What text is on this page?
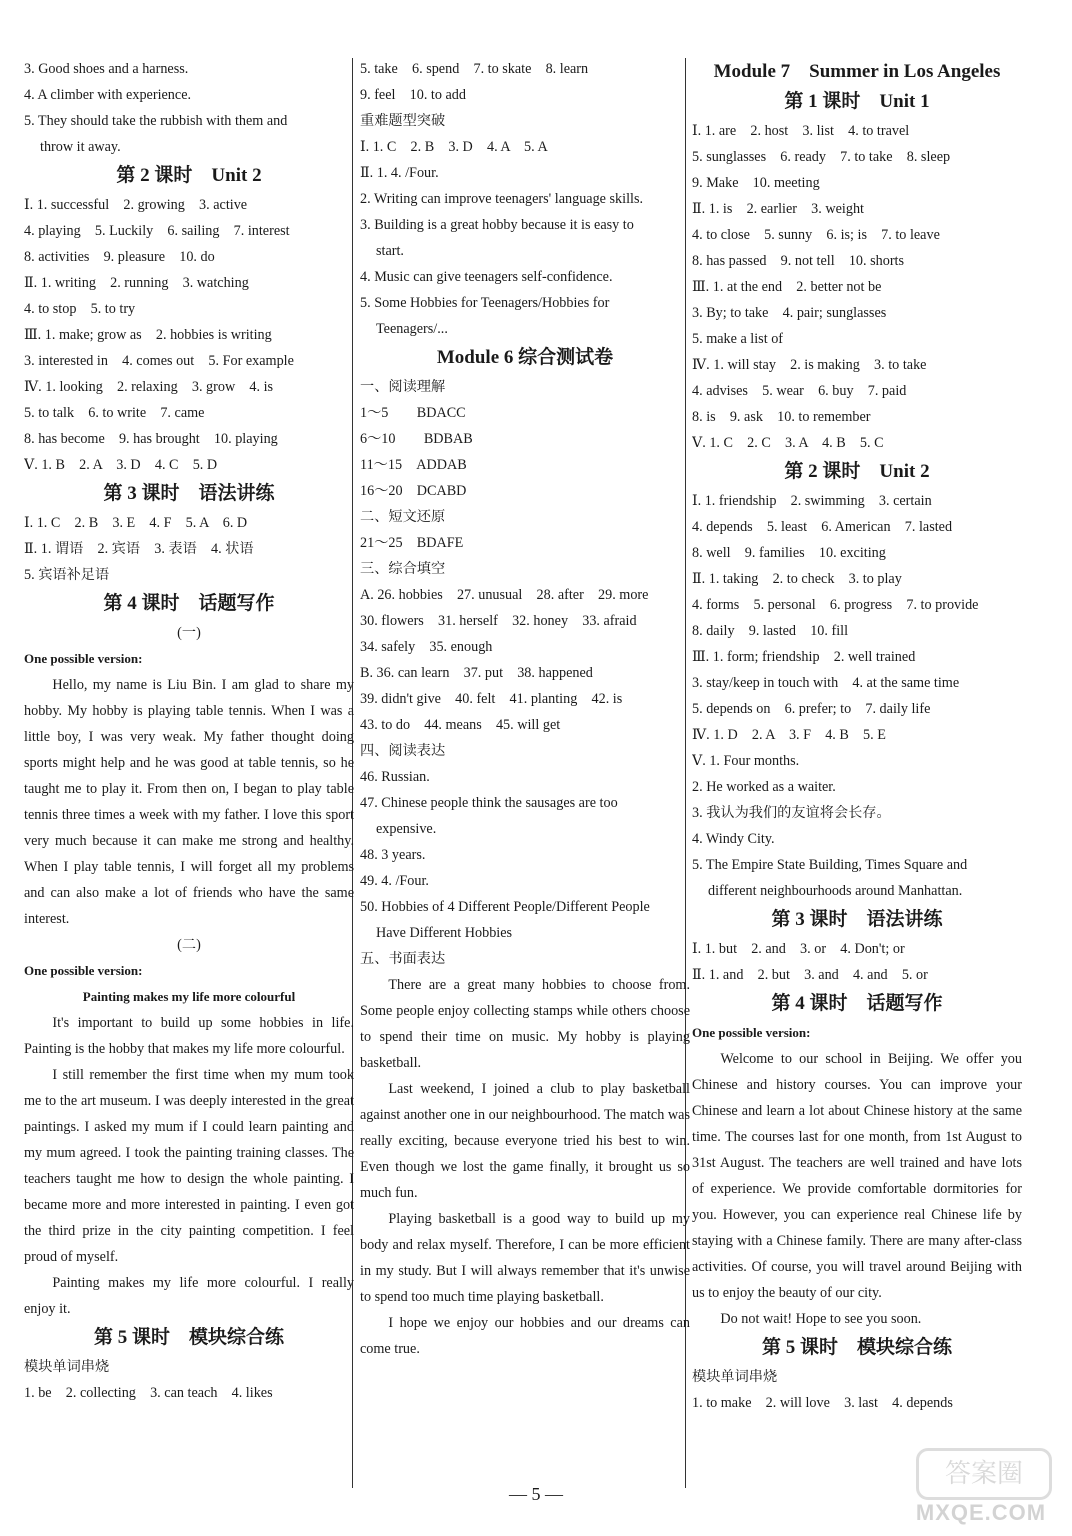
3. Good shoes and a harness.
4. A climber with experience.
5. They should take the rubbish with them and
throw it away.
第 2 课时　Unit 2
Ⅰ. 1. successful　2. growing　3. active
4. playing　5. Luckily　6. sailing　7. interest
8. activities　9. pleasure　10. do
Ⅱ. 1. writing　2. running　3. watching
4. to stop　5. to try
Ⅲ. 1. make; grow as　2. hobbies is writing
3. interested in　4. comes out　5. For example
Ⅳ. 1. looking　2. relaxing　3. grow　4. is
5. to talk　6. to write　7. came
8. has become　9. has brought　10. playing
Ⅴ. 1. B　2. A　3. D　4. C　5. D
第 3 课时　语法讲练
Ⅰ. 1. C　2. B　3. E　4. F　5. A　6. D
Ⅱ. 1. 谓语　2. 宾语　3. 表语　4. 状语
5. 宾语补足语
第 4 课时　话题写作
(一)
One possible version:
Hello, my name is Liu Bin. I am glad to share my hobby. My hobby is playing table tennis. When I was a little boy, I was very weak. My father thought doing sports might help and he was good at table tennis, so he taught me to play it. From then on, I began to play table tennis three times a week with my father. I love this sport very much because it can make me strong and healthy. When I play table tennis, I will forget all my problems and can also make a lot of friends who have the same interest.
(二)
One possible version:
Painting makes my life more colourful
It's important to build up some hobbies in life. Painting is the hobby that makes my life more colourful.
I still remember the first time when my mum took me to the art museum. I was deeply interested in the great paintings. I asked my mum if I could learn painting and my mum agreed. I took the painting training classes. The teachers taught me how to design the whole painting. I became more and more interested in painting. I even got the third prize in the city painting competition. I feel proud of myself.
Painting makes my life more colourful. I really enjoy it.
第 5 课时　模块综合练
模块单词串烧
1. be　2. collecting　3. can teach　4. likes
5. take　6. spend　7. to skate　8. learn
9. feel　10. to add
重难题型突破
Ⅰ. 1. C　2. B　3. D　4. A　5. A
Ⅱ. 1. 4. /Four.
2. Writing can improve teenagers' language skills.
3. Building is a great hobby because it is easy to
start.
4. Music can give teenagers self-confidence.
5. Some Hobbies for Teenagers/Hobbies for
Teenagers/...
Module 6 综合测试卷
一、阅读理解
1～5　　BDACC
6～10　　BDBAB
11～15　ADDAB
16～20　DCABD
二、短文还原
21～25　BDAFE
三、综合填空
A. 26. hobbies　27. unusual　28. after　29. more
30. flowers　31. herself　32. honey　33. afraid
34. safely　35. enough
B. 36. can learn　37. put　38. happened
39. didn't give　40. felt　41. planting　42. is
43. to do　44. means　45. will get
四、阅读表达
46. Russian.
47. Chinese people think the sausages are too
expensive.
48. 3 years.
49. 4. /Four.
50. Hobbies of 4 Different People/Different People
Have Different Hobbies
五、书面表达
There are a great many hobbies to choose from. Some people enjoy collecting stamps while others choose to spend their time on music. My hobby is playing basketball.
Last weekend, I joined a club to play basketball against another one in our neighbourhood. The match was really exciting, because everyone tried his best to win. Even though we lost the game finally, it brought us so much fun.
Playing basketball is a good way to build up my body and relax myself. Therefore, I can be more efficient in my study. But I will always remember that it's unwise to spend too much time playing basketball.
I hope we enjoy our hobbies and our dreams can come true.
Module 7　Summer in Los Angeles
第 1 课时　Unit 1
Ⅰ. 1. are　2. host　3. list　4. to travel
5. sunglasses　6. ready　7. to take　8. sleep
9. Make　10. meeting
Ⅱ. 1. is　2. earlier　3. weight
4. to close　5. sunny　6. is; is　7. to leave
8. has passed　9. not tell　10. shorts
Ⅲ. 1. at the end　2. better not be
3. By; to take　4. pair; sunglasses
5. make a list of
Ⅳ. 1. will stay　2. is making　3. to take
4. advises　5. wear　6. buy　7. paid
8. is　9. ask　10. to remember
Ⅴ. 1. C　2. C　3. A　4. B　5. C
第 2 课时　Unit 2
Ⅰ. 1. friendship　2. swimming　3. certain
4. depends　5. least　6. American　7. lasted
8. well　9. families　10. exciting
Ⅱ. 1. taking　2. to check　3. to play
4. forms　5. personal　6. progress　7. to provide
8. daily　9. lasted　10. fill
Ⅲ. 1. form; friendship　2. well trained
3. stay/keep in touch with　4. at the same time
5. depends on　6. prefer; to　7. daily life
Ⅳ. 1. D　2. A　3. F　4. B　5. E
Ⅴ. 1. Four months.
2. He worked as a waiter.
3. 我认为我们的友谊将会长存。
4. Windy City.
5. The Empire State Building, Times Square and
different neighbourhoods around Manhattan.
第 3 课时　语法讲练
Ⅰ. 1. but　2. and　3. or　4. Don't; or
Ⅱ. 1. and　2. but　3. and　4. and　5. or
第 4 课时　话题写作
One possible version:
Welcome to our school in Beijing. We offer you Chinese and history courses. You can improve your Chinese and learn a lot about Chinese history at the same time. The courses last for one month, from 1st August to 31st August. The teachers are well trained and have lots of experience. We provide comfortable dormitories for you. However, you can experience real Chinese life by staying with a Chinese family. There are many after-class activities. Of course, you will travel around Beijing with us to enjoy the beauty of our city.
Do not wait! Hope to see you soon.
第 5 课时　模块综合练
模块单词串烧
1. to make　2. will love　3. last　4. depends
— 5 —
答案圈
MXQE.COM
